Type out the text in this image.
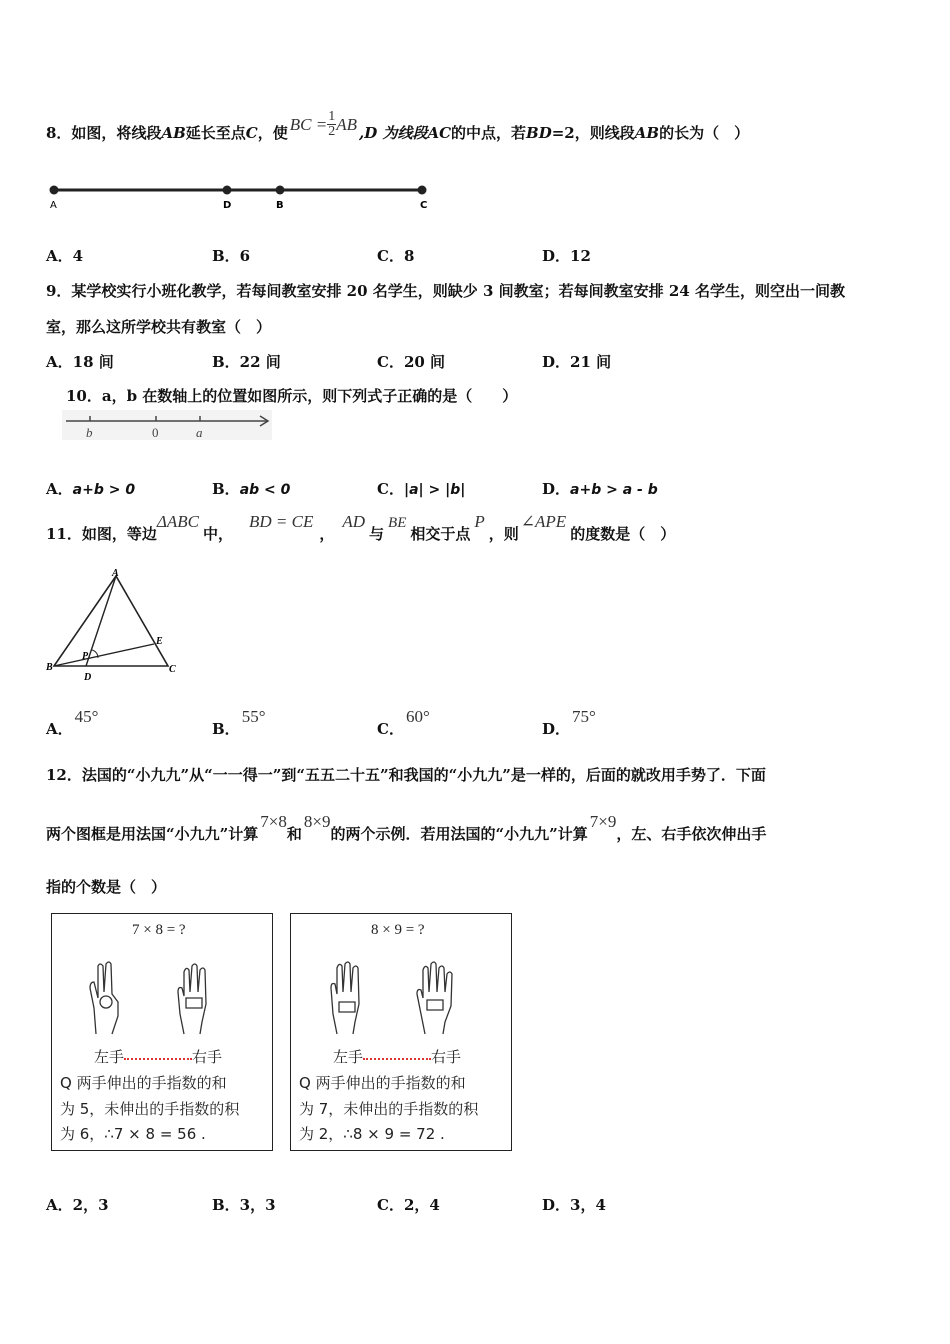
8．如图，将线段 AB 延长至点 C ，使 BC = $\frac{1}{2}$ AB ,D 为线段 AC 的中点，若 BD =2，则线段 AB 的长为（　）
A	D	B	C
A．4	B．6	C．8	D．12
9．某学校实行小班化教学，若每间教室安排 20 名学生，则缺少 3 间教室；若每间教室安排 24 名学生，则空出一间教
室，那么这所学校共有教室（　）
A．18 间	B．22 间	C．20 间	D．21 间
10．a，b 在数轴上的位置如图所示，则下列式子正确的是（　　）
b	0	a
A．a+b > 0	B．ab < 0	C．|a| > |b|	D．a+b > a - b
11．如图，等边
ΔABC
中，
BD = CE
，
AD
与
BE
相交于点
P
，则
∠APE
的度数是（　）
A
B	C
D
E
P
A．45°
B．55°
C．60°
D．75°
12．法国的“小九九”从“一一得一”到“五五二十五”和我国的“小九九”是一样的，后面的就改用手势了．下面
两个图框是用法国“小九九”计算
7×8
和
8×9
的两个示例．若用法国的“小九九”计算
7×9
，左、右手依次伸出手
指的个数是（　）
7 × 8 = ?
左手	右手
Q 两手伸出的手指数的和
为 5，未伸出的手指数的积
为 6，∴7 × 8 = 56 .
8 × 9 = ?
左手	右手
Q 两手伸出的手指数的和
为 7，未伸出的手指数的积
为 2，∴8 × 9 = 72 .
A．2，3	B．3，3	C．2，4	D．3，4
